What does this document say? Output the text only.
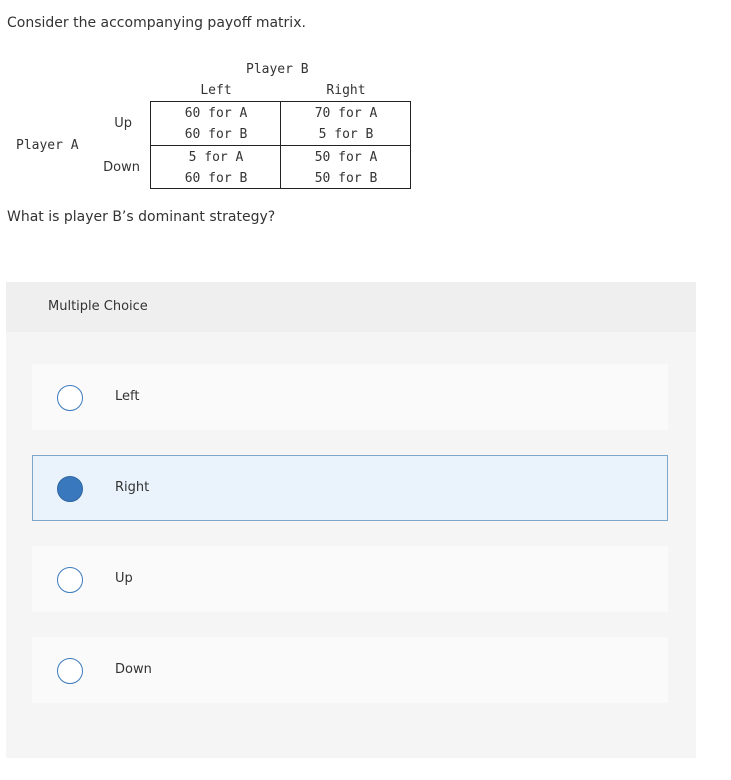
Consider the accompanying payoff matrix.
Player B
Left	Right
Player A
Up
Down
60 for A
60 for B
70 for A
5 for B
5 for A
60 for B
50 for A
50 for B
What is player B’s dominant strategy?
Multiple Choice
Left
Right
Up
Down
